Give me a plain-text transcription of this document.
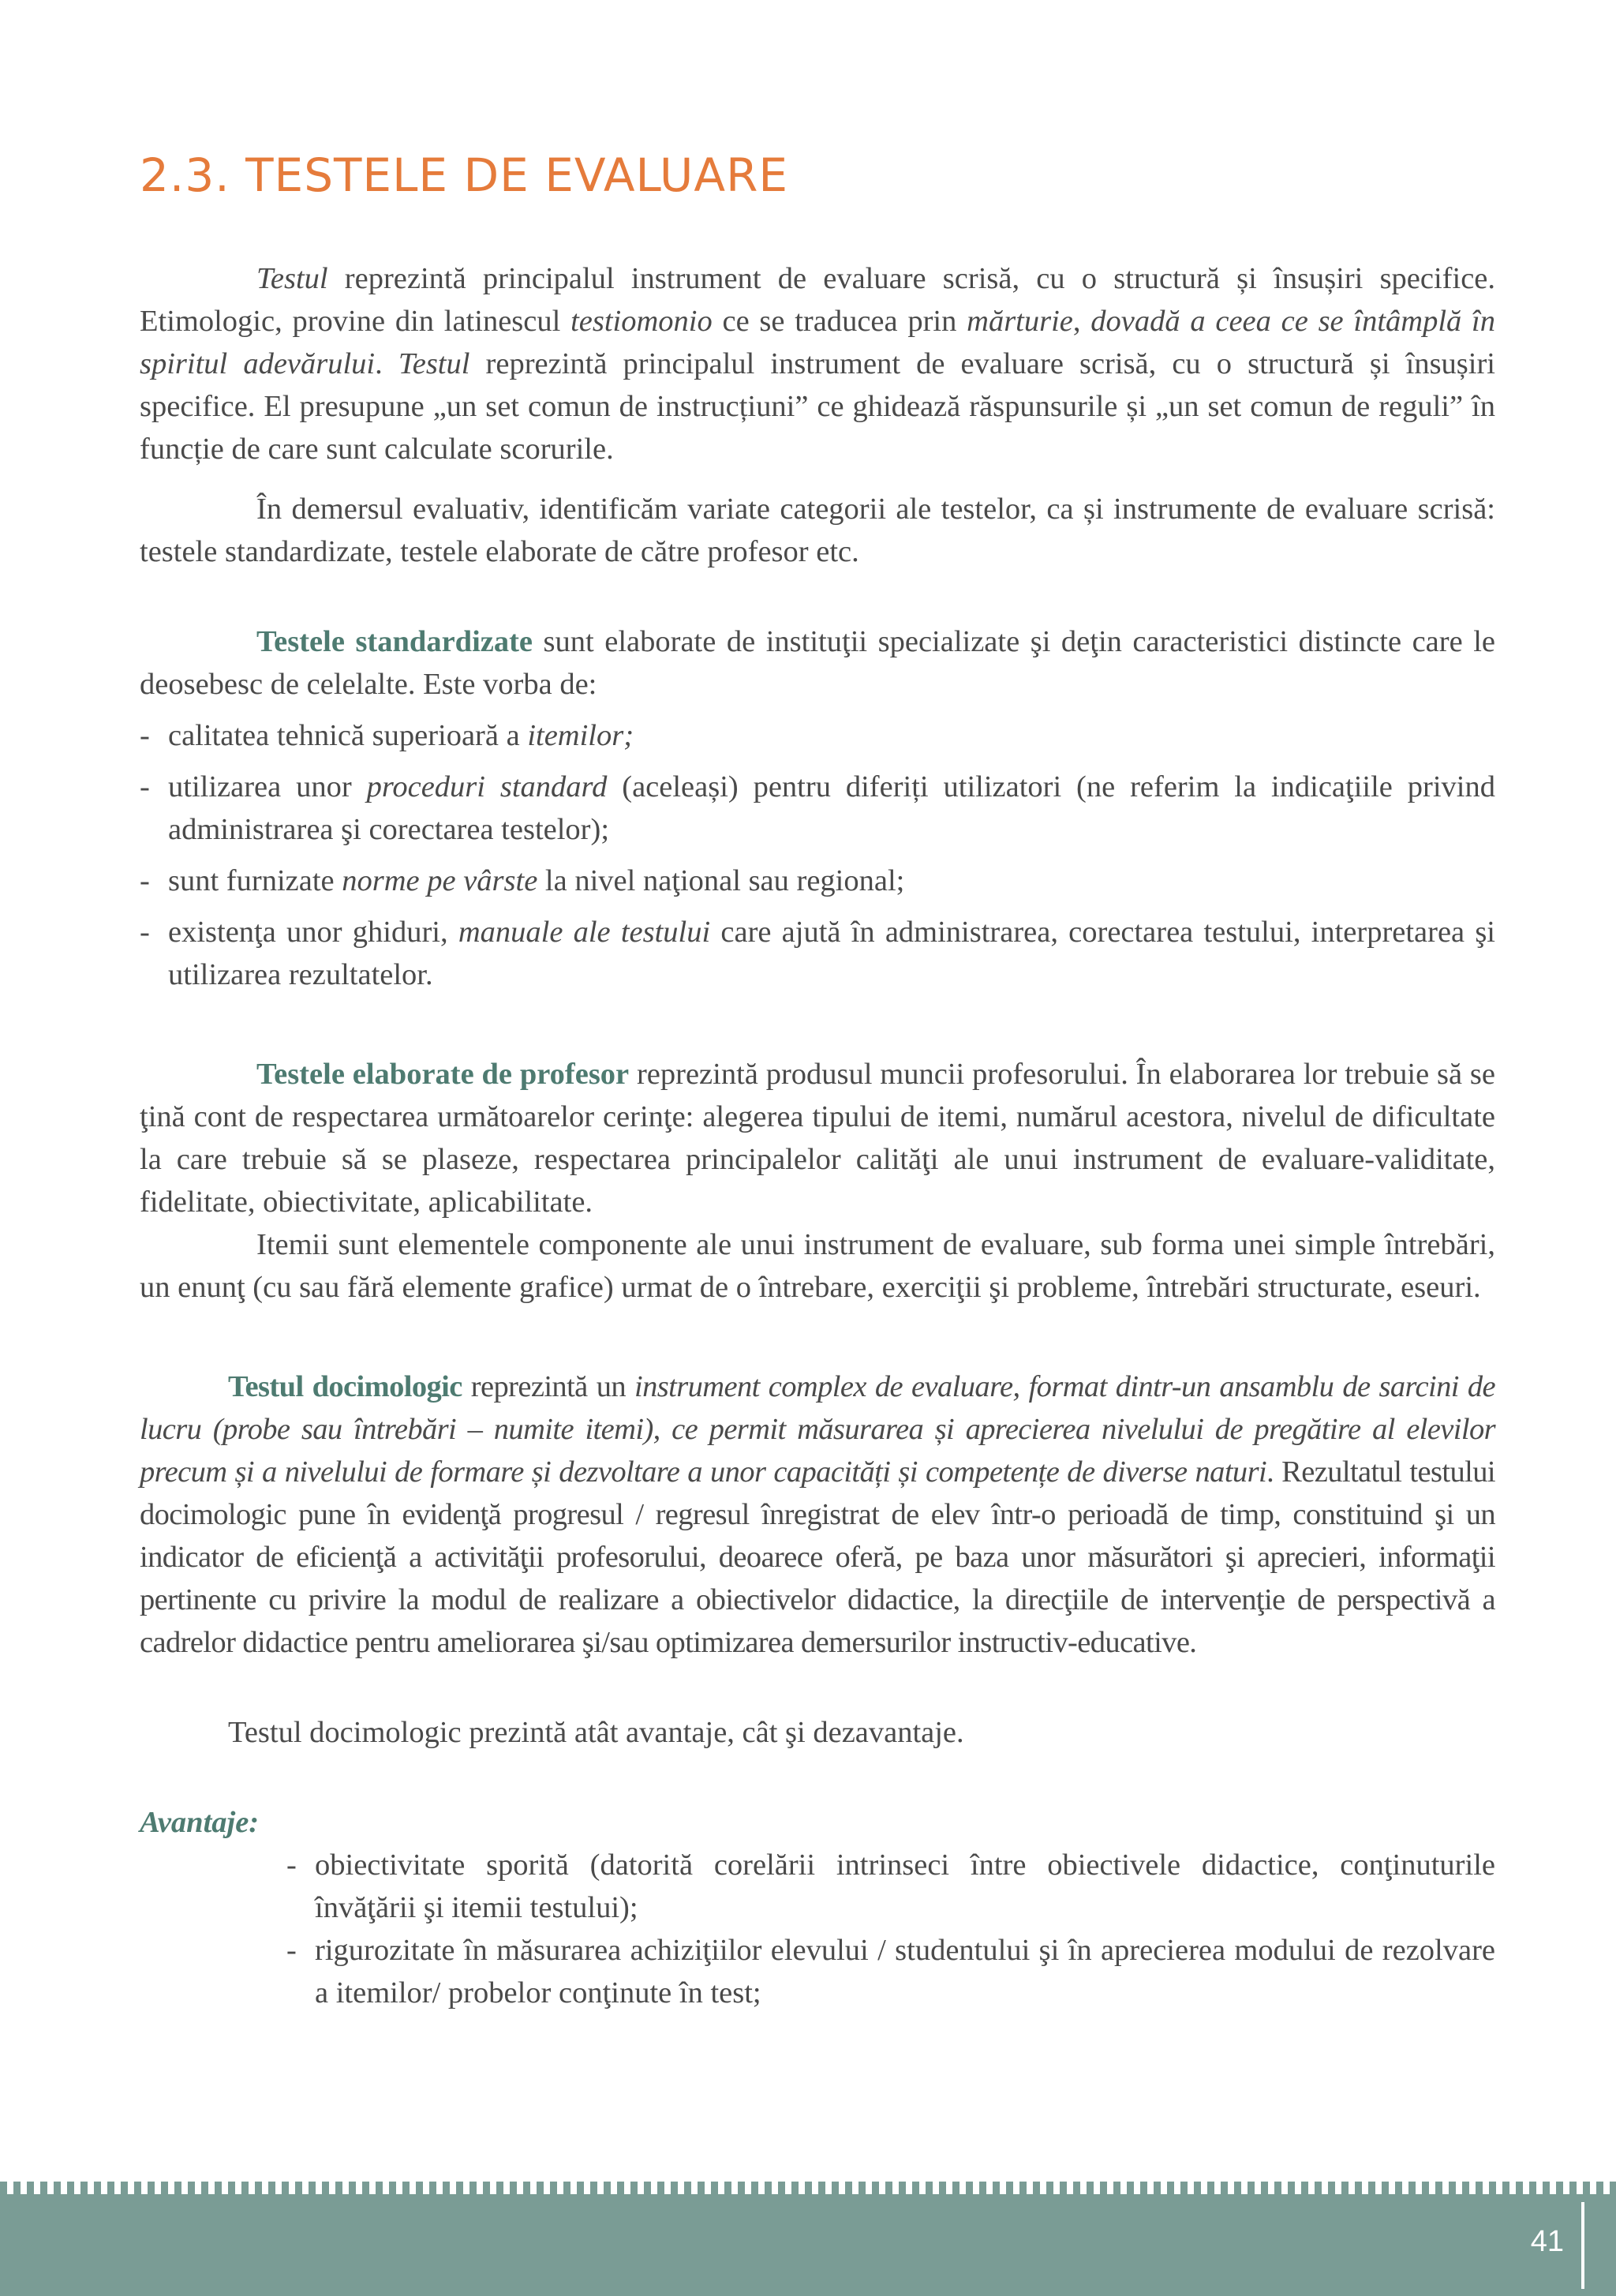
2.3. TESTELE DE EVALUARE

Testul reprezintă principalul instrument de evaluare scrisă, cu o structură și însușiri specifice. Etimologic, provine din latinescul testiomonio ce se traducea prin mărturie, dovadă a ceea ce se întâmplă în spiritul adevărului. Testul reprezintă principalul instrument de evaluare scrisă, cu o structură și însușiri specifice. El presupune „un set comun de instrucțiuni” ce ghidează răspunsurile și „un set comun de reguli” în funcție de care sunt calculate scorurile.

În demersul evaluativ, identificăm variate categorii ale testelor, ca și instrumente de evaluare scrisă: testele standardizate, testele elaborate de către profesor etc.

Testele standardizate sunt elaborate de instituţii specializate şi deţin caracteristici distincte care le deosebesc de celelalte. Este vorba de:

- calitatea tehnică superioară a itemilor;
- utilizarea unor proceduri standard (aceleași) pentru diferiți utilizatori (ne referim la indicaţiile privind administrarea şi corectarea testelor);
- sunt furnizate norme pe vârste la nivel naţional sau regional;
- existenţa unor ghiduri, manuale ale testului care ajută în administrarea, corectarea testului, interpretarea şi utilizarea rezultatelor.

Testele elaborate de profesor reprezintă produsul muncii profesorului. În elaborarea lor trebuie să se ţină cont de respectarea următoarelor cerinţe: alegerea tipului de itemi, numărul acestora, nivelul de dificultate la care trebuie să se plaseze, respectarea principalelor calităţi ale unui instrument de evaluare-validitate, fidelitate, obiectivitate, aplicabilitate.

Itemii sunt elementele componente ale unui instrument de evaluare, sub forma unei simple întrebări, un enunţ (cu sau fără elemente grafice) urmat de o întrebare, exerciţii şi probleme, întrebări structurate, eseuri.

Testul docimologic reprezintă un instrument complex de evaluare, format dintr-un ansamblu de sarcini de lucru (probe sau întrebări – numite itemi), ce permit măsurarea și aprecierea nivelului de pregătire al elevilor precum și a nivelului de formare și dezvoltare a unor capacități și competențe de diverse naturi. Rezultatul testului docimologic pune în evidenţă progresul / regresul înregistrat de elev într-o perioadă de timp, constituind şi un indicator de eficienţă a activităţii profesorului, deoarece oferă, pe baza unor măsurători şi aprecieri, informaţii pertinente cu privire la modul de realizare a obiectivelor didactice, la direcţiile de intervenţie de perspectivă a cadrelor didactice pentru ameliorarea şi/sau optimizarea demersurilor instructiv-educative.

Testul docimologic prezintă atât avantaje, cât şi dezavantaje.

Avantaje:

- obiectivitate sporită (datorită corelării intrinseci între obiectivele didactice, conţinuturile învăţării şi itemii testului);
- rigurozitate în măsurarea achiziţiilor elevului / studentului şi în aprecierea modului de rezolvare a itemilor/ probelor conţinute în test;
41
